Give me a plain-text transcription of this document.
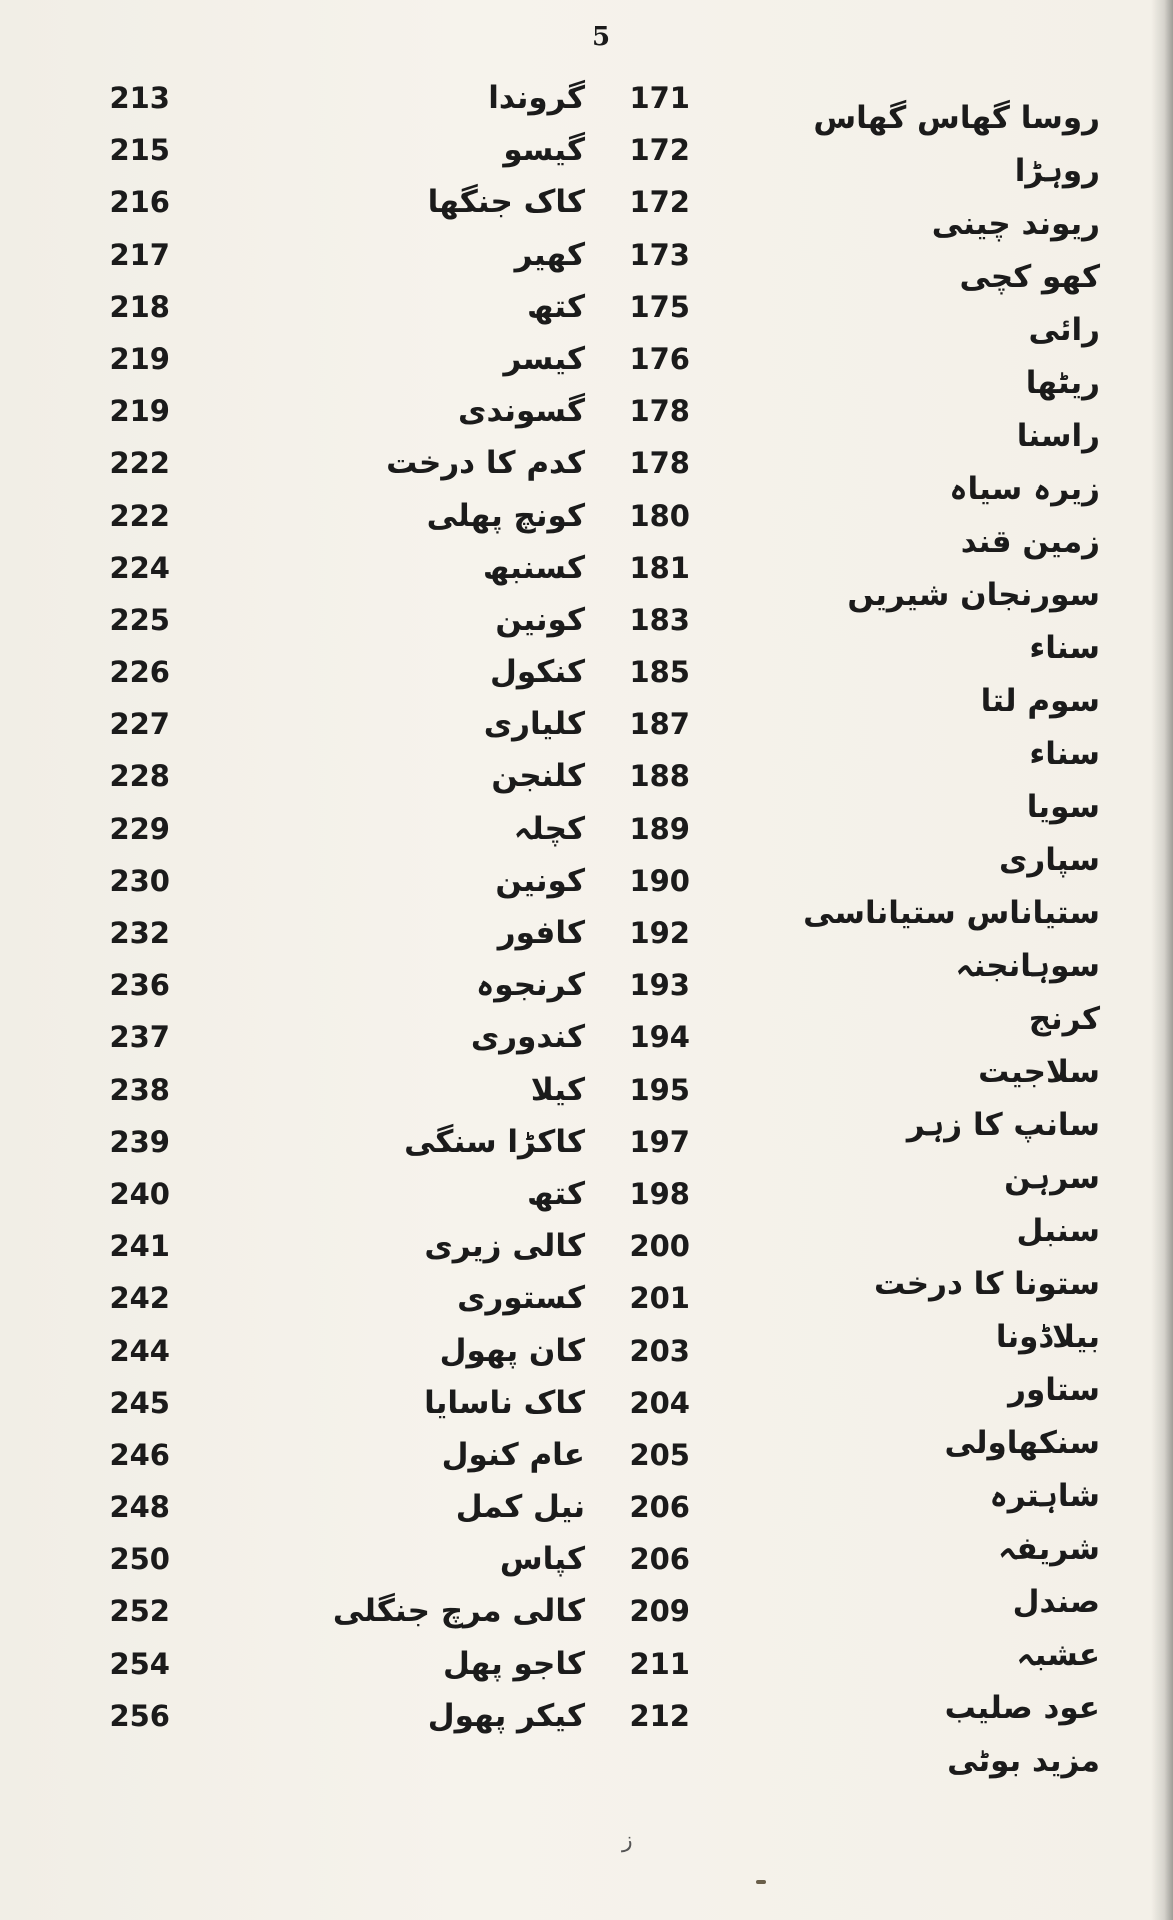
5
213
215
216
217
218
219
219
222
222
224
225
226
227
228
229
230
232
236
237
238
239
240
241
242
244
245
246
248
250
252
254
256
گروندا
گیسو
کاک جنگھا
کھیر
کتھ
کیسر
گسوندی
کدم کا درخت
کونچ پھلی
کسنبھ
کونین
کنکول
کلیاری
کلنجن
کچلہ
کونین
کافور
کرنجوہ
کندوری
کیلا
کاکڑا سنگی
کتھ
کالی زیری
کستوری
کان پھول
کاک ناسایا
عام کنول
نیل کمل
کپاس
کالی مرچ جنگلی
کاجو پھل
کیکر پھول
171
172
172
173
175
176
178
178
180
181
183
185
187
188
189
190
192
193
194
195
197
198
200
201
203
204
205
206
206
209
211
212
روسا گھاس گھاس
روہڑا
ریوند چینی
کھو کچی
رائی
ریٹھا
راسنا
زیرہ سیاہ
زمین قند
سورنجان شیریں
سناء
سوم لتا
سناء
سویا
سپاری
ستیاناس ستیاناسی
سوہانجنہ
کرنج
سلاجیت
سانپ کا زہر
سرہن
سنبل
ستونا کا درخت
بیلاڈونا
ستاور
سنکھاولی
شاہترہ
شریفہ
صندل
عشبہ
عود صلیب
مزید بوٹی
ز
